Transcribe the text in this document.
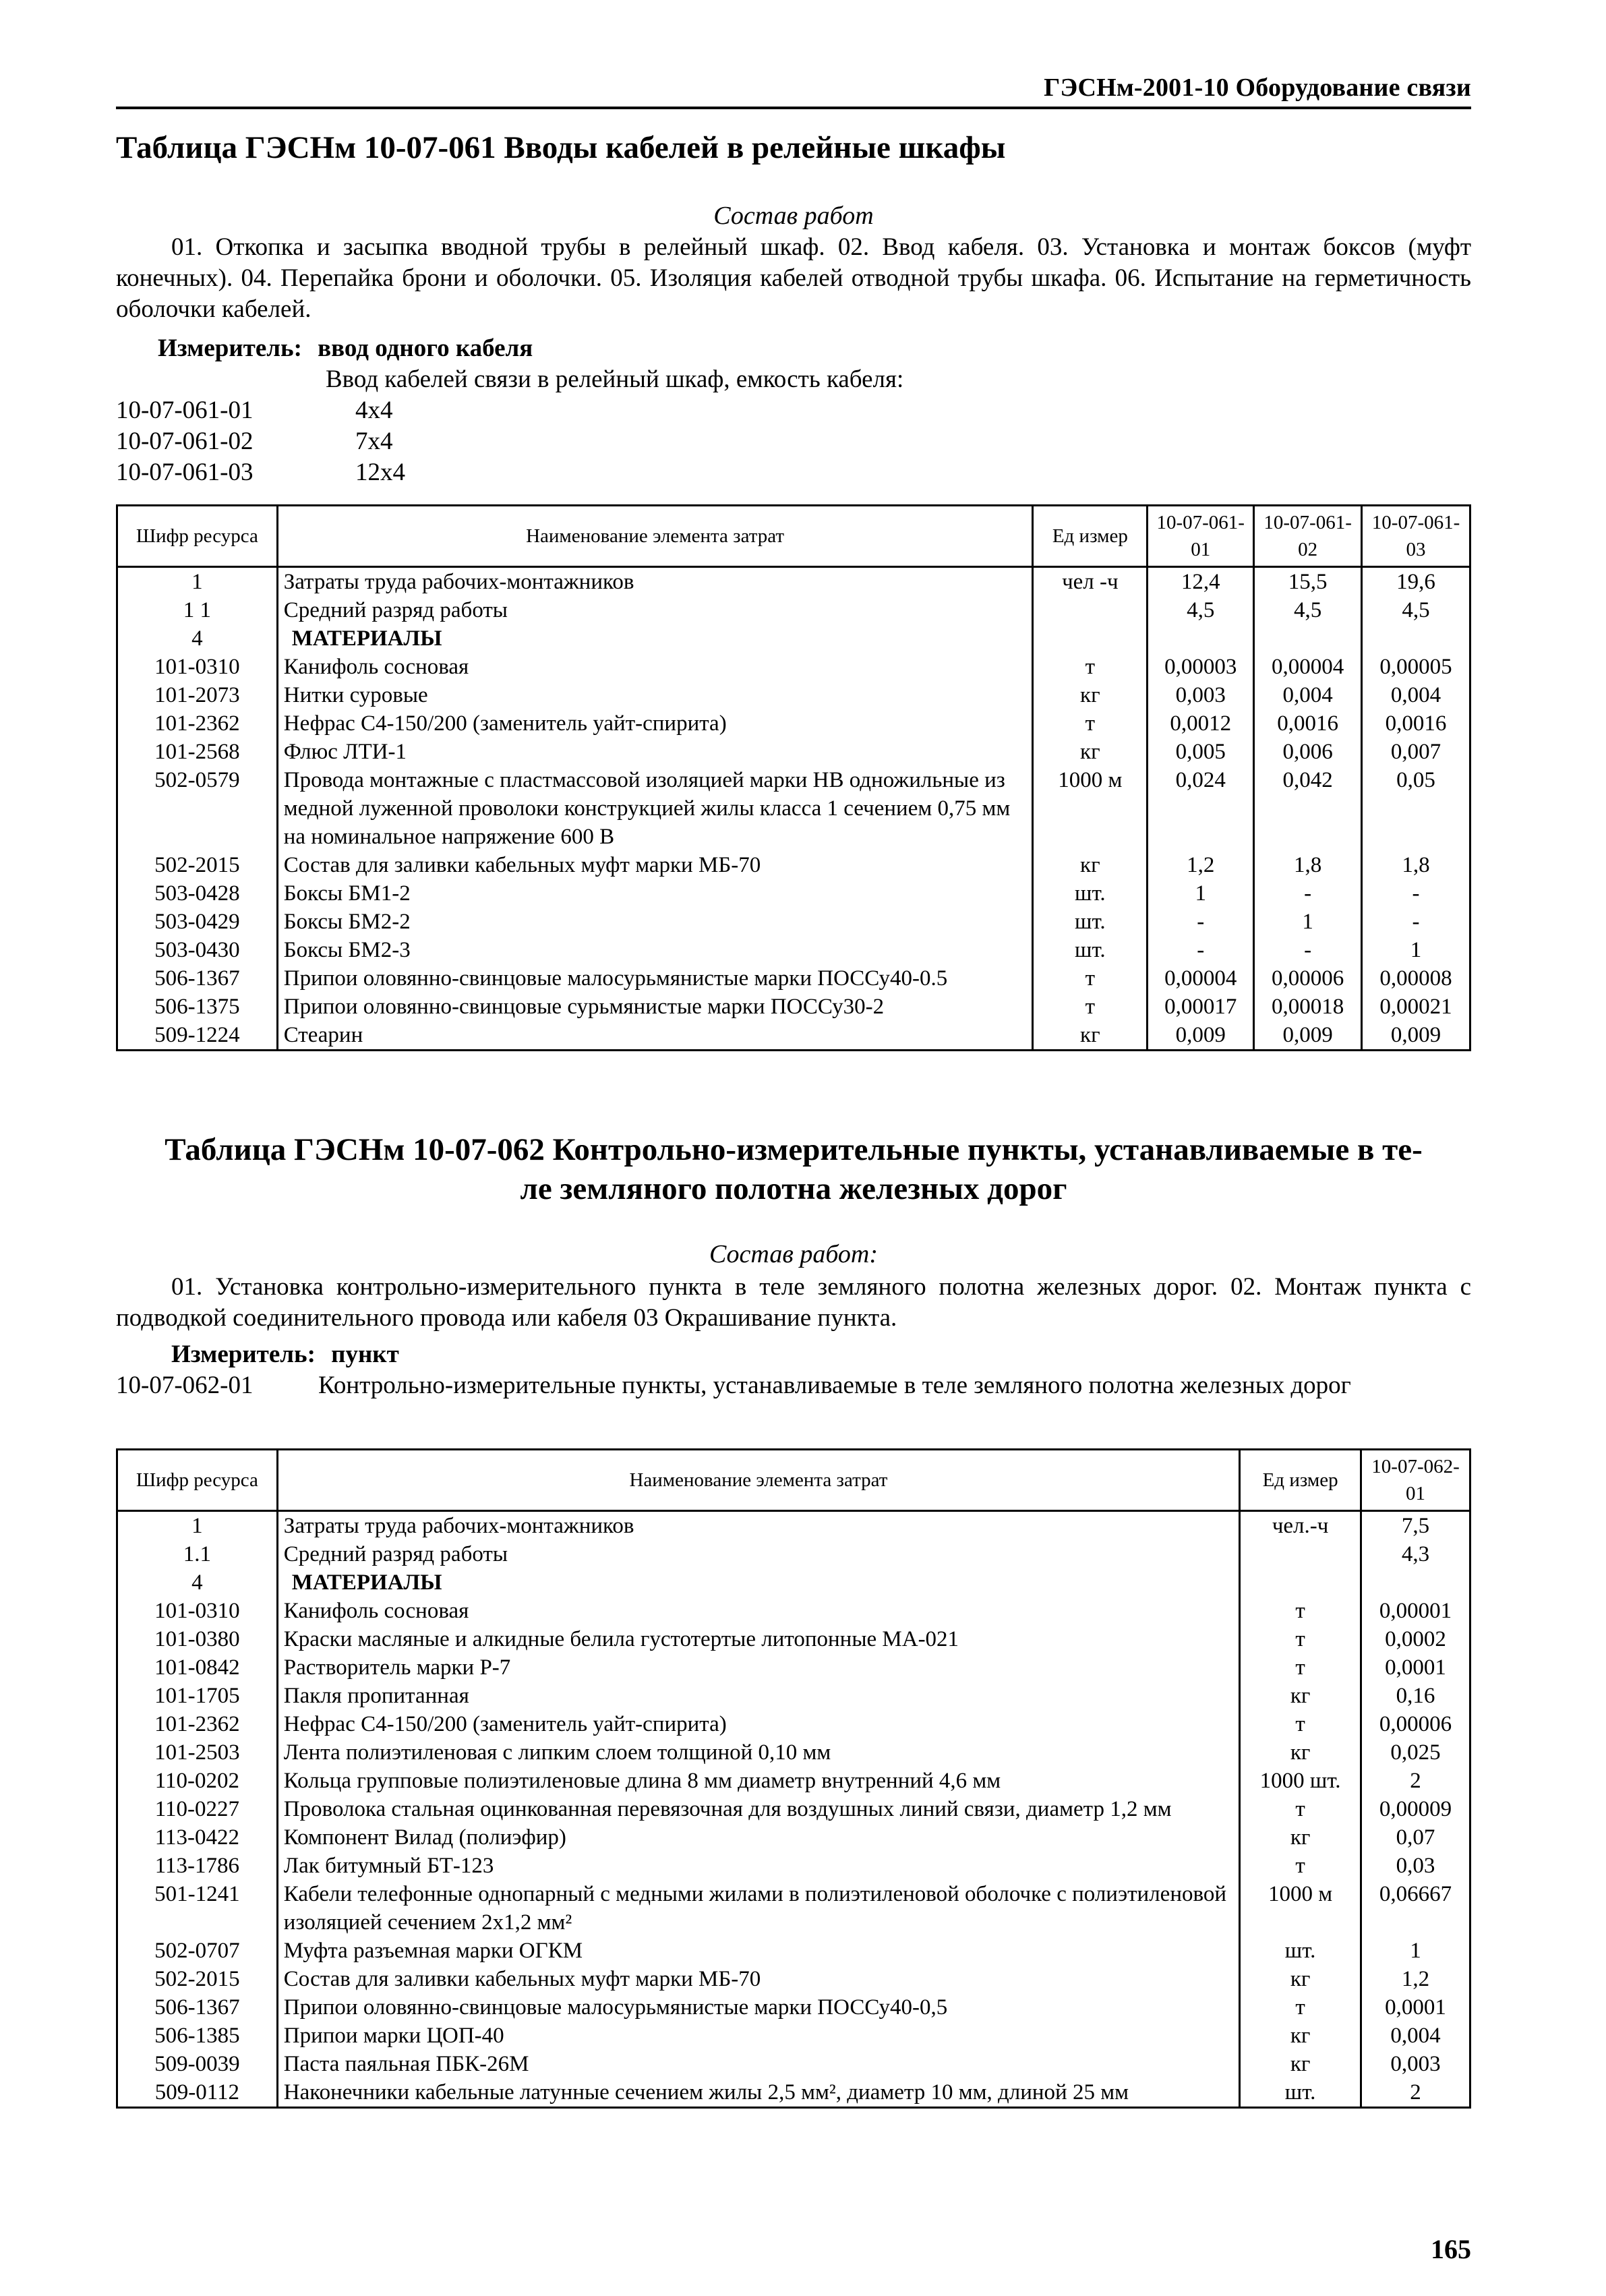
ГЭСНм-2001-10 Оборудование связи
Таблица ГЭСНм 10-07-061 Вводы кабелей в релейные шкафы
Состав работ
01. Откопка и засыпка вводной трубы в релейный шкаф. 02. Ввод кабеля. 03. Установка и монтаж боксов (муфт конечных). 04. Перепайка брони и оболочки. 05. Изоляция кабелей отводной трубы шкафа. 06. Испытание на герметичность оболочки кабелей.
Измеритель: ввод одного кабеля
Ввод кабелей связи в релейный шкаф, емкость кабеля:
10-07-061-01	4x4
10-07-061-02	7x4
10-07-061-03	12x4
Шифр ресурса	Наименование элемента затрат	Ед измер	10-07-061-01	10-07-061-02	10-07-061-03
1	Затраты труда рабочих-монтажников	чел -ч	12,4	15,5	19,6
1 1	Средний разряд работы		4,5	4,5	4,5
4	МАТЕРИАЛЫ				
101-0310	Канифоль сосновая	т	0,00003	0,00004	0,00005
101-2073	Нитки суровые	кг	0,003	0,004	0,004
101-2362	Нефрас С4-150/200 (заменитель уайт-спирита)	т	0,0012	0,0016	0,0016
101-2568	Флюс ЛТИ-1	кг	0,005	0,006	0,007
502-0579	Провода монтажные с пластмассовой изоляцией марки НВ одножильные из медной луженной проволоки конструкцией жилы класса 1 сечением 0,75 мм на номинальное напряжение 600 В	1000 м	0,024	0,042	0,05
502-2015	Состав для заливки кабельных муфт марки МБ-70	кг	1,2	1,8	1,8
503-0428	Боксы БМ1-2	шт.	1	-	-
503-0429	Боксы БМ2-2	шт.	-	1	-
503-0430	Боксы БМ2-3	шт.	-	-	1
506-1367	Припои оловянно-свинцовые малосурьмянистые марки ПОССу40-0.5	т	0,00004	0,00006	0,00008
506-1375	Припои оловянно-свинцовые сурьмянистые марки ПОССу30-2	т	0,00017	0,00018	0,00021
509-1224	Стеарин	кг	0,009	0,009	0,009
Таблица ГЭСНм 10-07-062 Контрольно-измерительные пункты, устанавливаемые в те-
ле земляного полотна железных дорог
Состав работ:
01. Установка контрольно-измерительного пункта в теле земляного полотна железных дорог. 02. Монтаж пункта с подводкой соединительного провода или кабеля 03 Окрашивание пункта.
Измеритель: пункт
10-07-062-01	Контрольно-измерительные пункты, устанавливаемые в теле земляного полотна железных дорог
Шифр ресурса	Наименование элемента затрат	Ед измер	10-07-062-01
1	Затраты труда рабочих-монтажников	чел.-ч	7,5
1.1	Средний разряд работы		4,3
4	МАТЕРИАЛЫ		
101-0310	Канифоль сосновая	т	0,00001
101-0380	Краски масляные и алкидные белила густотертые литопонные МА-021	т	0,0002
101-0842	Растворитель марки Р-7	т	0,0001
101-1705	Пакля пропитанная	кг	0,16
101-2362	Нефрас С4-150/200 (заменитель уайт-спирита)	т	0,00006
101-2503	Лента полиэтиленовая с липким слоем толщиной 0,10 мм	кг	0,025
110-0202	Кольца групповые полиэтиленовые длина 8 мм диаметр внутренний 4,6 мм	1000 шт.	2
110-0227	Проволока стальная оцинкованная перевязочная для воздушных линий связи, диаметр 1,2 мм	т	0,00009
113-0422	Компонент Вилад (полиэфир)	кг	0,07
113-1786	Лак битумный БТ-123	т	0,03
501-1241	Кабели телефонные однопарный с медными жилами в полиэтиленовой оболочке с полиэтиленовой изоляцией сечением 2х1,2 мм²	1000 м	0,06667
502-0707	Муфта разъемная марки ОГКМ	шт.	1
502-2015	Состав для заливки кабельных муфт марки МБ-70	кг	1,2
506-1367	Припои оловянно-свинцовые малосурьмянистые марки ПОССу40-0,5	т	0,0001
506-1385	Припои марки ЦОП-40	кг	0,004
509-0039	Паста паяльная ПБК-26М	кг	0,003
509-0112	Наконечники кабельные латунные сечением жилы 2,5 мм², диаметр 10 мм, длиной 25 мм	шт.	2
165
